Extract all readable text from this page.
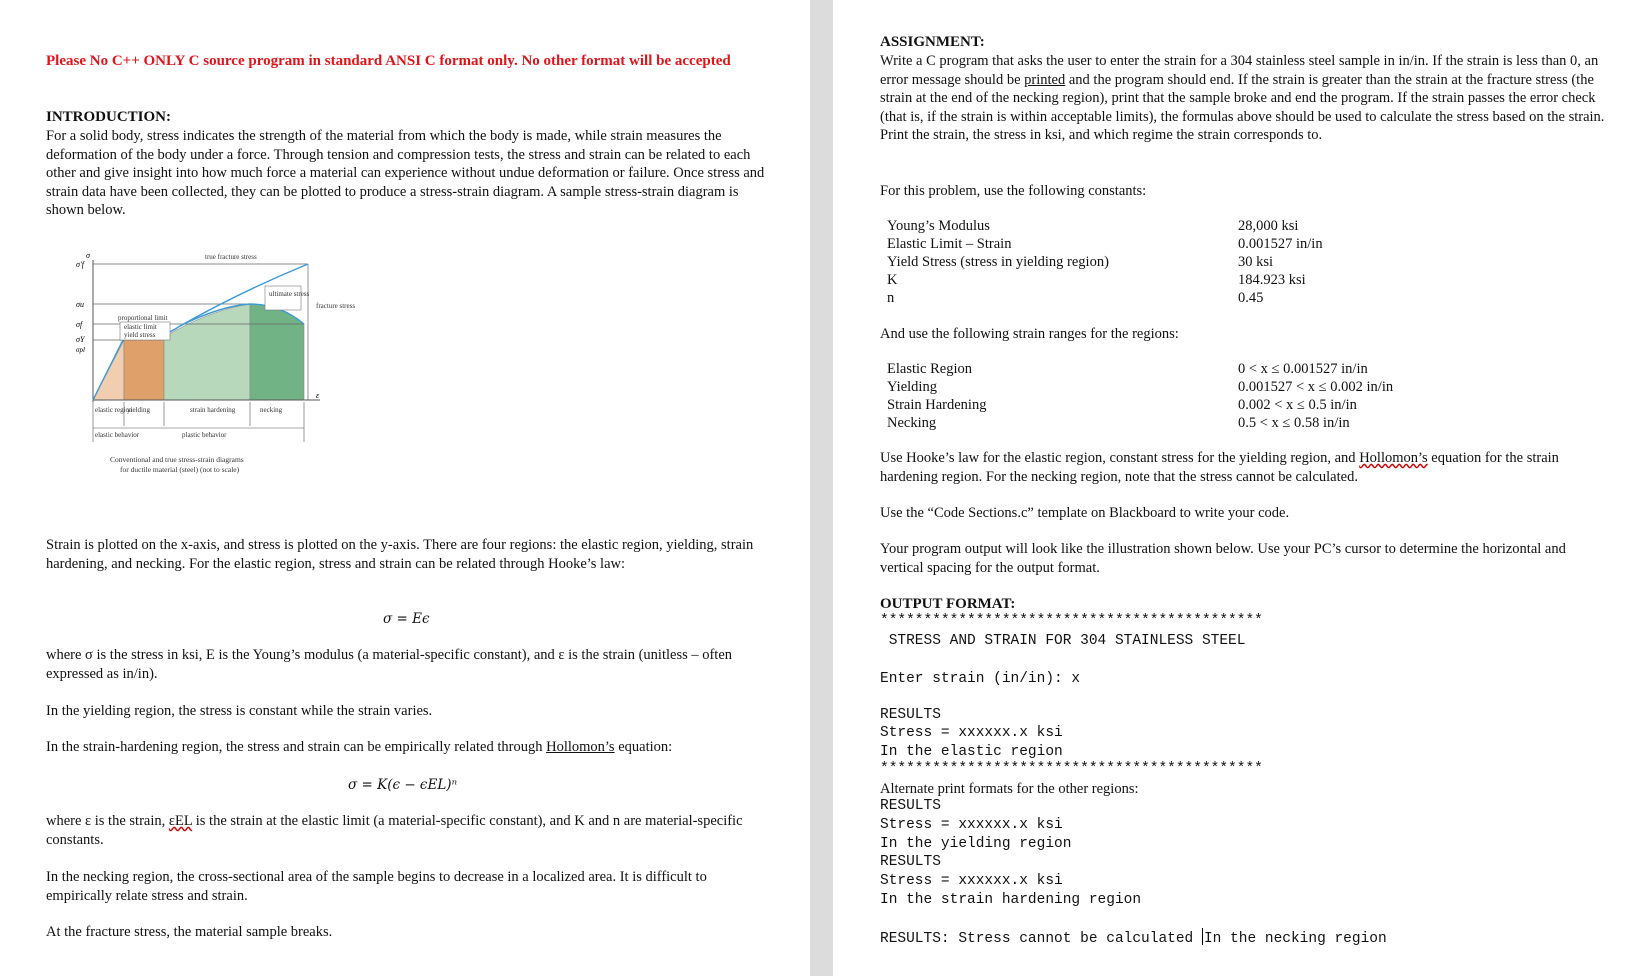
Please No C++ ONLY C source program in standard ANSI C format only. No other format will be accepted
INTRODUCTION:
For a solid body, stress indicates the strength of the material from which the body is made, while strain measures the deformation of the body under a force. Through tension and compression tests, the stress and strain can be related to each other and give insight into how much force a material can experience without undue deformation or failure. Once stress and strain data have been collected, they can be plotted to produce a stress-strain diagram. A sample stress-strain diagram is shown below.
σ
σ′f
σu
σf
σY
σpl
ε
true fracture stress
ultimate stress
fracture stress
proportional limit
elastic limit
yield stress
elastic region
yielding	strain hardening	necking
elastic behavior	plastic behavior
Conventional and true stress-strain diagrams
for ductile material (steel) (not to scale)
Strain is plotted on the x-axis, and stress is plotted on the y-axis. There are four regions: the elastic region, yielding, strain hardening, and necking. For the elastic region, stress and strain can be related through Hooke’s law:
σ = Eϵ
where σ is the stress in ksi, E is the Young’s modulus (a material-specific constant), and ε is the strain (unitless – often expressed as in/in).
In the yielding region, the stress is constant while the strain varies.
In the strain-hardening region, the stress and strain can be empirically related through Hollomon’s equation:
σ = K(ϵ − ϵEL)ⁿ
where ε is the strain, εEL is the strain at the elastic limit (a material-specific constant), and K and n are material-specific constants.
In the necking region, the cross-sectional area of the sample begins to decrease in a localized area. It is difficult to empirically relate stress and strain.
At the fracture stress, the material sample breaks.
ASSIGNMENT:
Write a C program that asks the user to enter the strain for a 304 stainless steel sample in in/in. If the strain is less than 0, an error message should be printed and the program should end. If the strain is greater than the strain at the fracture stress (the strain at the end of the necking region), print that the sample broke and end the program. If the strain passes the error check (that is, if the strain is within acceptable limits), the formulas above should be used to calculate the stress based on the strain. Print the strain, the stress in ksi, and which regime the strain corresponds to.
For this problem, use the following constants:
Young’s Modulus	28,000 ksi
Elastic Limit – Strain	0.001527 in/in
Yield Stress (stress in yielding region)	30 ksi
K	184.923 ksi
n	0.45
And use the following strain ranges for the regions:
Elastic Region	0 < x ≤ 0.001527 in/in
Yielding	0.001527 < x ≤ 0.002 in/in
Strain Hardening	0.002 < x ≤ 0.5 in/in
Necking	0.5 < x ≤ 0.58 in/in
Use Hooke’s law for the elastic region, constant stress for the yielding region, and Hollomon’s equation for the strain hardening region. For the necking region, note that the stress cannot be calculated.
Use the “Code Sections.c” template on Blackboard to write your code.
Your program output will look like the illustration shown below. Use your PC’s cursor to determine the horizontal and vertical spacing for the output format.
OUTPUT FORMAT:
********************************************
STRESS AND STRAIN FOR 304 STAINLESS STEEL
Enter strain (in/in): x
RESULTS
Stress = xxxxxx.x ksi
In the elastic region
********************************************
Alternate print formats for the other regions:
RESULTS
Stress = xxxxxx.x ksi
In the yielding region
RESULTS
Stress = xxxxxx.x ksi
In the strain hardening region
RESULTS: Stress cannot be calculated In the necking region
